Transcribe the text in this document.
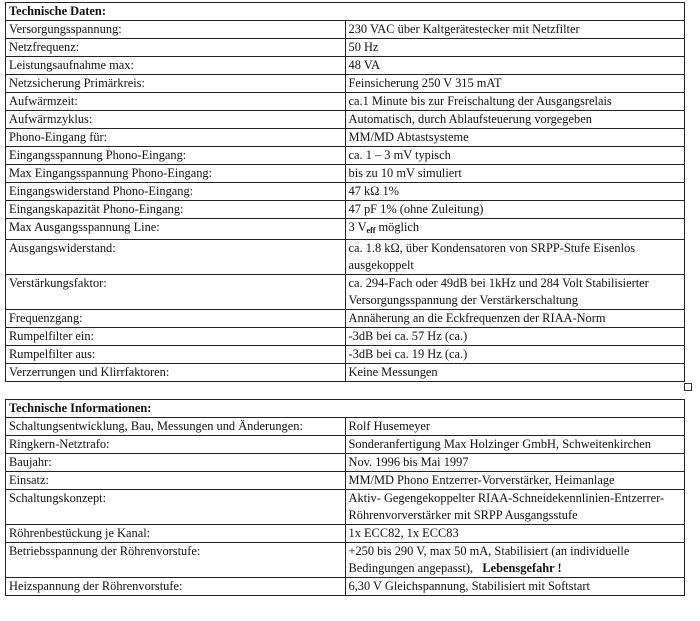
Technische Daten:	
Versorgungsspannung:	230 VAC über Kaltgerätestecker mit Netzfilter
Netzfrequenz:	50 Hz
Leistungsaufnahme max:	48 VA
Netzsicherung Primärkreis:	Feinsicherung 250 V 315 mAT
Aufwärmzeit:	ca.1 Minute bis zur Freischaltung der Ausgangsrelais
Aufwärmzyklus:	Automatisch, durch Ablaufsteuerung vorgegeben
Phono-Eingang für:	MM/MD Abtastsysteme
Eingangsspannung Phono-Eingang:	ca. 1 – 3 mV typisch
Max Eingangsspannung Phono-Eingang:	bis zu 10 mV simuliert
Eingangswiderstand Phono-Eingang:	47 kΩ 1%
Eingangskapazität Phono-Eingang:	47 pF 1% (ohne Zuleitung)
Max Ausgangsspannung Line:	3 $V_{eff}$ möglich
Ausgangswiderstand:	ca. 1.8 kΩ, über Kondensatoren von SRPP-Stufe Eisenlos ausgekoppelt
Verstärkungsfaktor:	ca. 294-Fach oder 49dB bei 1kHz und 284 Volt Stabilisierter Versorgungsspannung der Verstärkerschaltung
Frequenzgang:	Annäherung an die Eckfrequenzen der RIAA-Norm
Rumpelfilter ein:	-3dB bei ca. 57 Hz (ca.)
Rumpelfilter aus:	-3dB bei ca. 19 Hz (ca.)
Verzerrungen und Klirrfaktoren:	Keine Messungen
Technische Informationen:	
Schaltungsentwicklung, Bau, Messungen und Änderungen:	Rolf Husemeyer
Ringkern-Netztrafo:	Sonderanfertigung Max Holzinger GmbH, Schweitenkirchen
Baujahr:	Nov. 1996 bis Mai 1997
Einsatz:	MM/MD Phono Entzerrer-Vorverstärker, Heimanlage
Schaltungskonzept:	Aktiv- Gegengekoppelter RIAA-Schneidekennlinien-Entzerrer-Röhrenvorverstärker mit SRPP Ausgangsstufe
Röhrenbestückung je Kanal:	1x ECC82, 1x ECC83
Betriebsspannung der Röhrenvorstufe:	+250 bis 290 V, max 50 mA, Stabilisiert (an individuelle Bedingungen angepasst), Lebensgefahr !
Heizspannung der Röhrenvorstufe:	6,30 V Gleichspannung, Stabilisiert mit Softstart
